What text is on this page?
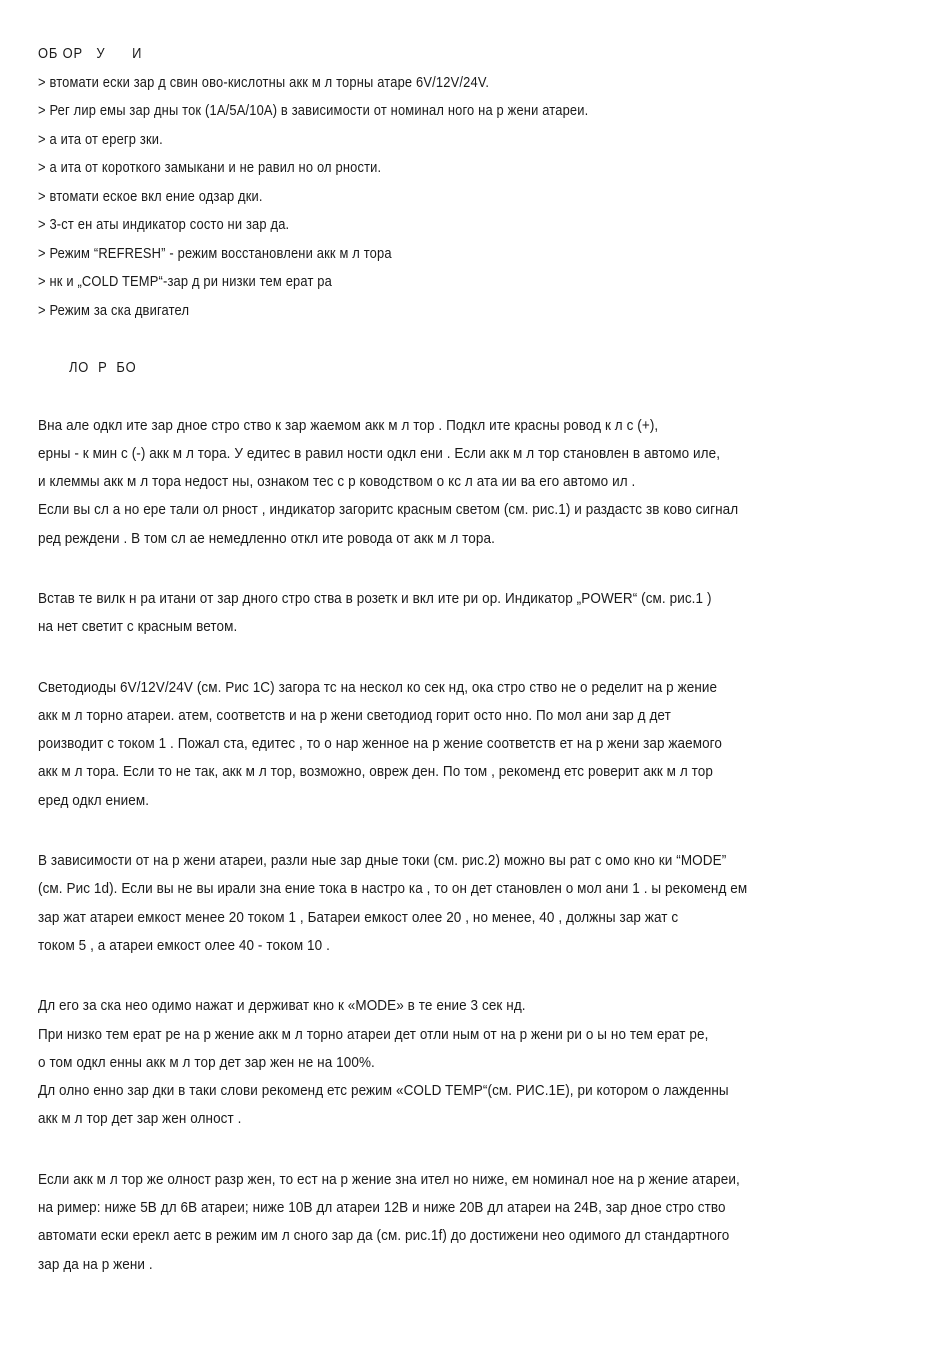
ОБ ОР   У      И
> втомати ески зар д свин ово-кислотны акк м л торны атаре 6V/12V/24V.
> Рег лир емы зар дны ток (1A/5A/10A) в зависимости от номинал ного на р жени атареи.
> а ита от ерегр зки.
> а ита от короткого замыкани и не равил но ол рности.
> втомати еское вкл ение одзар дки.
> 3-ст ен аты индикатор состо ни зар да.
> Режим “REFRESH” - режим восстановлени акк м л тора
> нк и „COLD TEMP“-зар д ри низки тем ерат ра
> Режим за ска двигател
ЛО  Р  БО
Вна але одкл ите зар дное стро ство к зар жаемом акк м л тор . Подкл ите красны ровод к л с (+),
ерны - к мин с (-) акк м л тора. У едитес в равил ности одкл ени . Если акк м л тор становлен в автомо иле,
и клеммы акк м л тора недост ны, ознаком тес с р ководством о кс л ата ии ва его автомо ил .
Если вы сл а но ере тали ол рност , индикатор загоритс красным светом (см. рис.1) и раздастс зв ково сигнал
ред реждени . В том сл ае немедленно откл ите ровода от акк м л тора.
Встав те вилк н ра итани от зар дного стро ства в розетк и вкл ите ри ор. Индикатор „POWER“ (см. рис.1 )
на нет светит с красным ветом.
Светодиоды 6V/12V/24V (см. Рис 1C) загора тс на нескол ко сек нд, ока стро ство не о ределит на р жение
акк м л торно атареи. атем, соответств и на р жени светодиод горит осто нно. По мол ани зар д дет
роизводит с током 1 . Пожал ста, едитес , то о нар женное на р жение соответств ет на р жени зар жаемого
акк м л тора. Если то не так, акк м л тор, возможно, овреж ден. По том , рекоменд етс роверит акк м л тор
еред одкл ением.
В зависимости от на р жени атареи, разли ные зар дные токи (см. рис.2) можно вы рат с омо кно ки “MODE”
(см. Рис 1d). Если вы не вы ирали зна ение тока в настро ка , то он дет становлен о мол ани 1 . ы рекоменд ем
зар жат атареи емкост менее 20 током 1 , Батареи емкост олее 20 , но менее, 40 , должны зар жат с
током 5 , а атареи емкост олее 40 - током 10 .
Дл его за ска нео одимо нажат и держиват кно к «MODE» в те ение 3 сек нд.
При низко тем ерат ре на р жение акк м л торно атареи дет отли ным от на р жени ри о ы но тем ерат ре,
о том одкл енны акк м л тор дет зар жен не на 100%.
Дл олно енно зар дки в таки слови рекоменд етс режим «COLD TEMP“(см. РИС.1E), ри котором о лажденны
акк м л тор дет зар жен олност .
Если акк м л тор же олност разр жен, то ест на р жение зна ител но ниже, ем номинал ное на р жение атареи,
на ример: ниже 5В дл 6В атареи; ниже 10В дл атареи 12В и ниже 20В дл атареи на 24В, зар дное стро ство
автомати ески ерекл аетс в режим им л сного зар да (см. рис.1f) до достижени нео одимого дл стандартного
зар да на р жени .
